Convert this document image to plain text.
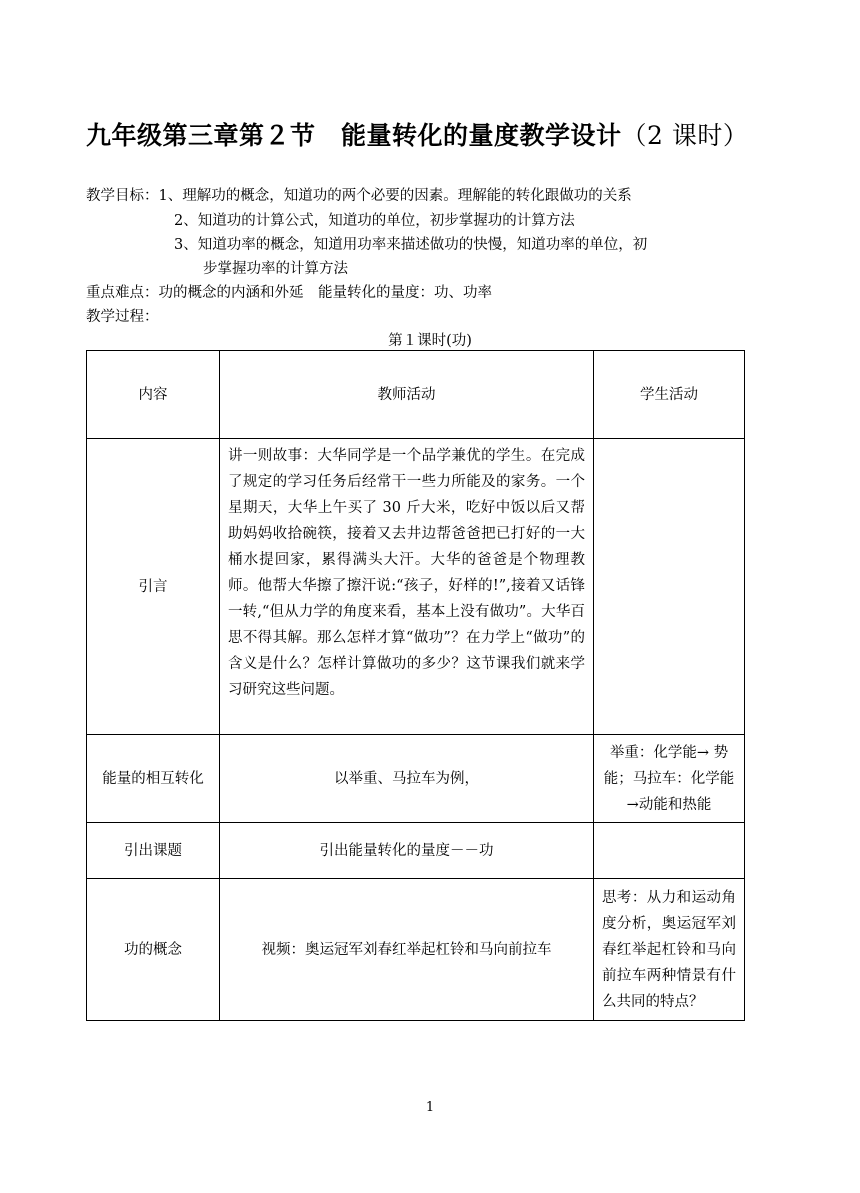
九年级第三章第２节　能量转化的量度教学设计（2 课时）
教学目标：1、理解功的概念，知道功的两个必要的因素。理解能的转化跟做功的关系
2、知道功的计算公式，知道功的单位，初步掌握功的计算方法
3、知道功率的概念，知道用功率来描述做功的快慢，知道功率的单位，初
步掌握功率的计算方法
重点难点：功的概念的内涵和外延　能量转化的量度：功、功率
教学过程：
第１课时(功)
内容	教师活动	学生活动
引言	讲一则故事：大华同学是一个品学兼优的学生。在完成了规定的学习任务后经常干一些力所能及的家务。一个星期天，大华上午买了 30 斤大米，吃好中饭以后又帮助妈妈收拾碗筷，接着又去井边帮爸爸把已打好的一大桶水提回家，累得满头大汗。大华的爸爸是个物理教师。他帮大华擦了擦汗说:“孩子，好样的!”,接着又话锋一转,“但从力学的角度来看，基本上没有做功”。大华百思不得其解。那么怎样才算“做功”？在力学上“做功”的含义是什么？怎样计算做功的多少？这节课我们就来学习研究这些问题。	
能量的相互转化	以举重、马拉车为例，	举重：化学能→ 势能；马拉车：化学能→动能和热能
引出课题	引出能量转化的量度－－功	
功的概念	视频：奥运冠军刘春红举起杠铃和马向前拉车	思考：从力和运动角度分析，奥运冠军刘春红举起杠铃和马向前拉车两种情景有什么共同的特点？
1
